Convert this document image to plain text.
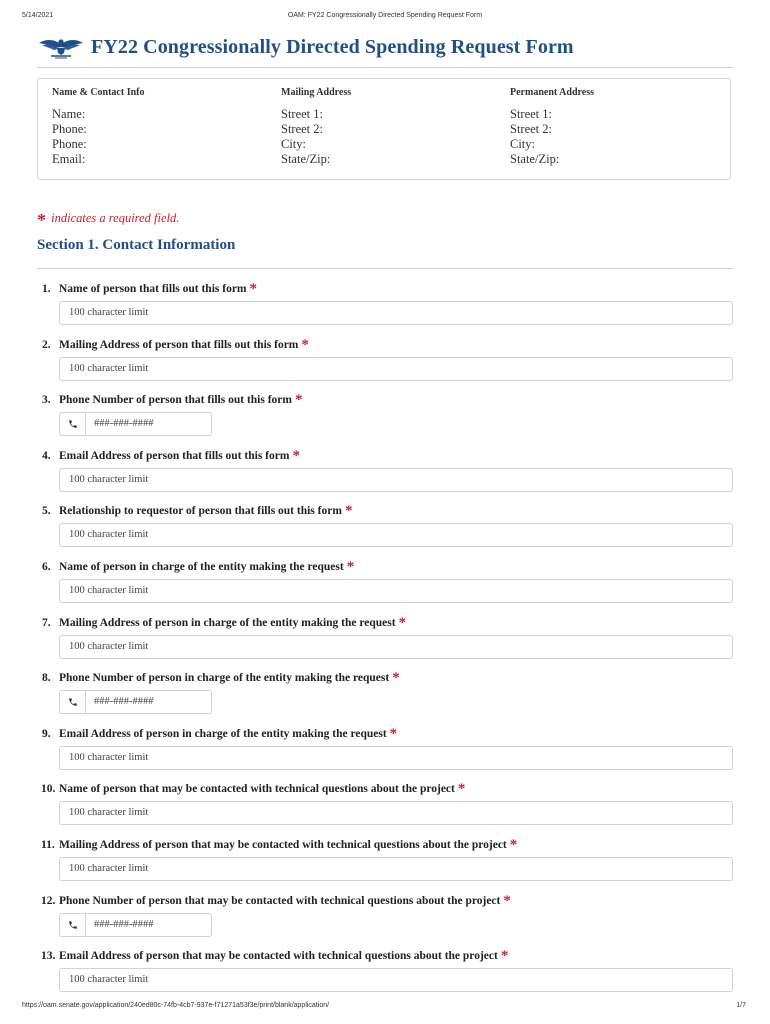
5/14/2021	OAM: FY22 Congressionally Directed Spending Request Form
FY22 Congressionally Directed Spending Request Form
Name & Contact Info
Name:
Phone:
Phone:
Email:
Mailing Address
Street 1:
Street 2:
City:
State/Zip:
Permanent Address
Street 1:
Street 2:
City:
State/Zip:
* indicates a required field.
Section 1. Contact Information
1. Name of person that fills out this form *
100 character limit
2. Mailing Address of person that fills out this form *
100 character limit
3. Phone Number of person that fills out this form *
###-###-####
4. Email Address of person that fills out this form *
100 character limit
5. Relationship to requestor of person that fills out this form *
100 character limit
6. Name of person in charge of the entity making the request *
100 character limit
7. Mailing Address of person in charge of the entity making the request *
100 character limit
8. Phone Number of person in charge of the entity making the request *
###-###-####
9. Email Address of person in charge of the entity making the request *
100 character limit
10. Name of person that may be contacted with technical questions about the project *
100 character limit
11. Mailing Address of person that may be contacted with technical questions about the project *
100 character limit
12. Phone Number of person that may be contacted with technical questions about the project *
###-###-####
13. Email Address of person that may be contacted with technical questions about the project *
100 character limit
https://oam.senate.gov/application/240ed80c-74fb-4cb7-937e-f71271a53f3e/print/blank/application/	1/7
